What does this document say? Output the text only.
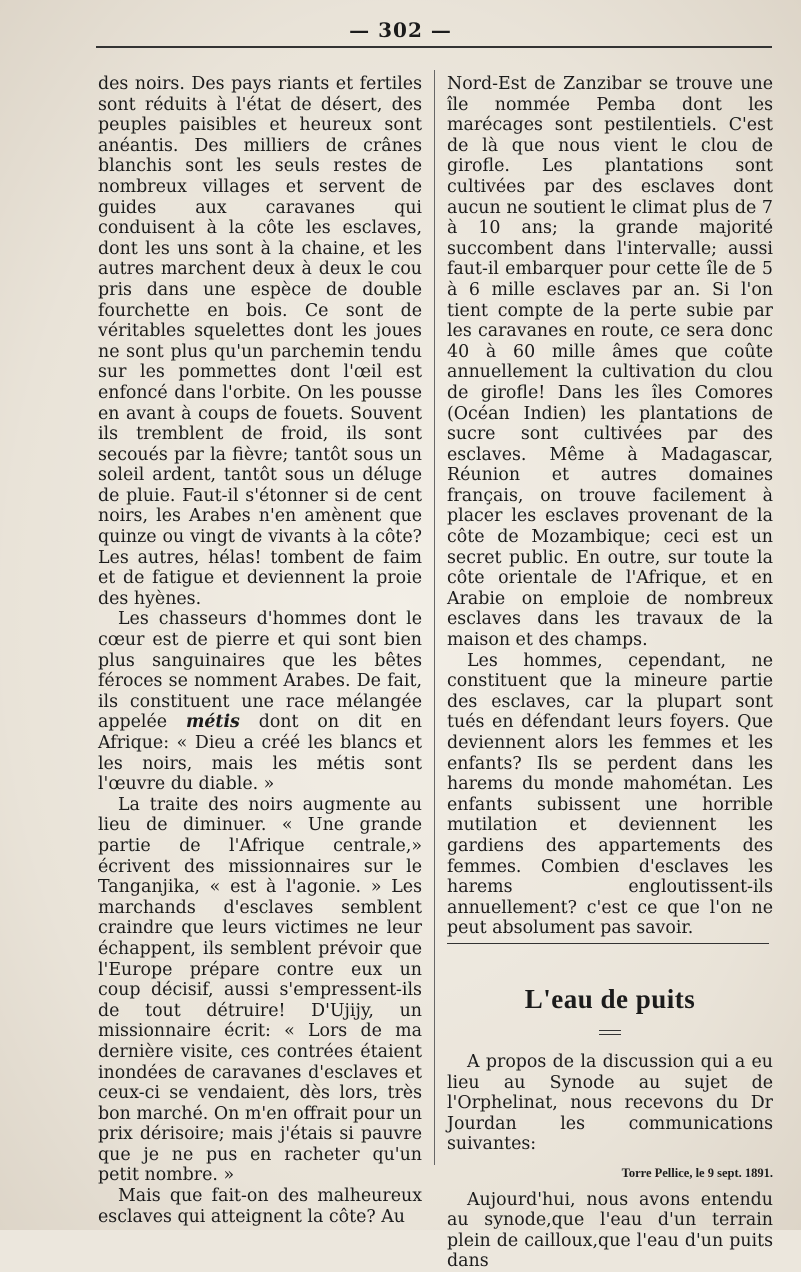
— 302 —

des noirs. Des pays riants et fertiles sont réduits à l'état de désert, des peuples paisibles et heureux sont anéantis. Des milliers de crânes blanchis sont les seuls restes de nombreux villages et servent de guides aux caravanes qui conduisent à la côte les esclaves, dont les uns sont à la chaine, et les autres marchent deux à deux le cou pris dans une espèce de double fourchette en bois. Ce sont de véritables squelettes dont les joues ne sont plus qu'un parchemin tendu sur les pommettes dont l'œil est enfoncé dans l'orbite. On les pousse en avant à coups de fouets. Souvent ils tremblent de froid, ils sont secoués par la fièvre; tantôt sous un soleil ardent, tantôt sous un déluge de pluie. Faut-il s'étonner si de cent noirs, les Arabes n'en amènent que quinze ou vingt de vivants à la côte? Les autres, hélas! tombent de faim et de fatigue et deviennent la proie des hyènes.

Les chasseurs d'hommes dont le cœur est de pierre et qui sont bien plus sanguinaires que les bêtes féroces se nomment Arabes. De fait, ils constituent une race mélangée appelée métis dont on dit en Afrique: « Dieu a créé les blancs et les noirs, mais les métis sont l'œuvre du diable. »

La traite des noirs augmente au lieu de diminuer. « Une grande partie de l'Afrique centrale,» écrivent des missionnaires sur le Tanganjika, « est à l'agonie. » Les marchands d'esclaves semblent craindre que leurs victimes ne leur échappent, ils semblent prévoir que l'Europe prépare contre eux un coup décisif, aussi s'empressent-ils de tout détruire! D'Ujijy, un missionnaire écrit: « Lors de ma dernière visite, ces contrées étaient inondées de caravanes d'esclaves et ceux-ci se vendaient, dès lors, très bon marché. On m'en offrait pour un prix dérisoire; mais j'étais si pauvre que je ne pus en racheter qu'un petit nombre. »

Mais que fait-on des malheureux esclaves qui atteignent la côte? Au

Nord-Est de Zanzibar se trouve une île nommée Pemba dont les marécages sont pestilentiels. C'est de là que nous vient le clou de girofle. Les plantations sont cultivées par des esclaves dont aucun ne soutient le climat plus de 7 à 10 ans; la grande majorité succombent dans l'intervalle; aussi faut-il embarquer pour cette île de 5 à 6 mille esclaves par an. Si l'on tient compte de la perte subie par les caravanes en route, ce sera donc 40 à 60 mille âmes que coûte annuellement la cultivation du clou de girofle! Dans les îles Comores (Océan Indien) les plantations de sucre sont cultivées par des esclaves. Même à Madagascar, Réunion et autres domaines français, on trouve facilement à placer les esclaves provenant de la côte de Mozambique; ceci est un secret public. En outre, sur toute la côte orientale de l'Afrique, et en Arabie on emploie de nombreux esclaves dans les travaux de la maison et des champs.

Les hommes, cependant, ne constituent que la mineure partie des esclaves, car la plupart sont tués en défendant leurs foyers. Que deviennent alors les femmes et les enfants? Ils se perdent dans les harems du monde mahométan. Les enfants subissent une horrible mutilation et deviennent les gardiens des appartements des femmes. Combien d'esclaves les harems engloutissent-ils annuellement? c'est ce que l'on ne peut absolument pas savoir.

L'eau de puits

A propos de la discussion qui a eu lieu au Synode au sujet de l'Orphelinat, nous recevons du Dr Jourdan les communications suivantes:

Torre Pellice, le 9 sept. 1891.

Aujourd'hui, nous avons entendu au synode,que l'eau d'un terrain plein de cailloux,que l'eau d'un puits dans
